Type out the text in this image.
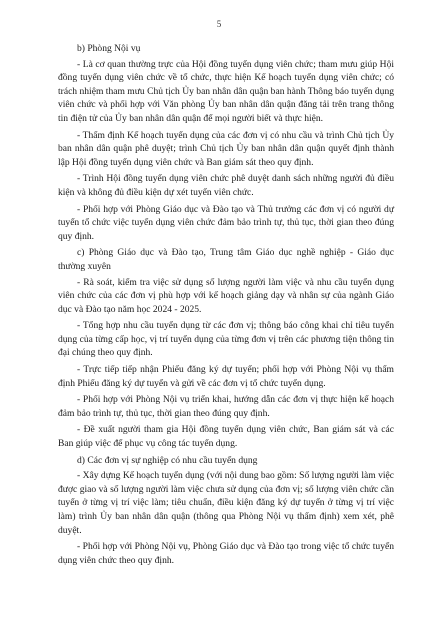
5

b) Phòng Nội vụ

- Là cơ quan thường trực của Hội đồng tuyển dụng viên chức; tham mưu giúp Hội đồng tuyển dụng viên chức về tổ chức, thực hiện Kế hoạch tuyển dụng viên chức; có trách nhiệm tham mưu Chủ tịch Ủy ban nhân dân quận ban hành Thông báo tuyển dụng viên chức và phối hợp với Văn phòng Ủy ban nhân dân quận đăng tải trên trang thông tin điện tử của Ủy ban nhân dân quận để mọi người biết và thực hiện.

- Thẩm định Kế hoạch tuyển dụng của các đơn vị có nhu cầu và trình Chủ tịch Ủy ban nhân dân quận phê duyệt; trình Chủ tịch Ủy ban nhân dân quận quyết định thành lập Hội đồng tuyển dụng viên chức và Ban giám sát theo quy định.

- Trình Hội đồng tuyển dụng viên chức phê duyệt danh sách những người đủ điều kiện và không đủ điều kiện dự xét tuyển viên chức.

- Phối hợp với Phòng Giáo dục và Đào tạo và Thủ trưởng các đơn vị có người dự tuyển tổ chức việc tuyển dụng viên chức đảm bảo trình tự, thủ tục, thời gian theo đúng quy định.

c) Phòng Giáo dục và Đào tạo, Trung tâm Giáo dục nghề nghiệp - Giáo dục thường xuyên

- Rà soát, kiểm tra việc sử dụng số lượng người làm việc và nhu cầu tuyển dụng viên chức của các đơn vị phù hợp với kế hoạch giảng dạy và nhân sự của ngành Giáo dục và Đào tạo năm học 2024 - 2025.

- Tổng hợp nhu cầu tuyển dụng từ các đơn vị; thông báo công khai chỉ tiêu tuyển dụng của từng cấp học, vị trí tuyển dụng của từng đơn vị trên các phương tiện thông tin đại chúng theo quy định.

- Trực tiếp tiếp nhận Phiếu đăng ký dự tuyển; phối hợp với Phòng Nội vụ thẩm định Phiếu đăng ký dự tuyển và gửi về các đơn vị tổ chức tuyển dụng.

- Phối hợp với Phòng Nội vụ triển khai, hướng dẫn các đơn vị thực hiện kế hoạch đảm bảo trình tự, thủ tục, thời gian theo đúng quy định.

- Đề xuất người tham gia Hội đồng tuyển dụng viên chức, Ban giám sát và các Ban giúp việc để phục vụ công tác tuyển dụng.

d) Các đơn vị sự nghiệp có nhu cầu tuyển dụng

- Xây dựng Kế hoạch tuyển dụng (với nội dung bao gồm: Số lượng người làm việc được giao và số lượng người làm việc chưa sử dụng của đơn vị; số lượng viên chức cần tuyển ở từng vị trí việc làm; tiêu chuẩn, điều kiện đăng ký dự tuyển ở từng vị trí việc làm) trình Ủy ban nhân dân quận (thông qua Phòng Nội vụ thẩm định) xem xét, phê duyệt.

- Phối hợp với Phòng Nội vụ, Phòng Giáo dục và Đào tạo trong việc tổ chức tuyển dụng viên chức theo quy định.
